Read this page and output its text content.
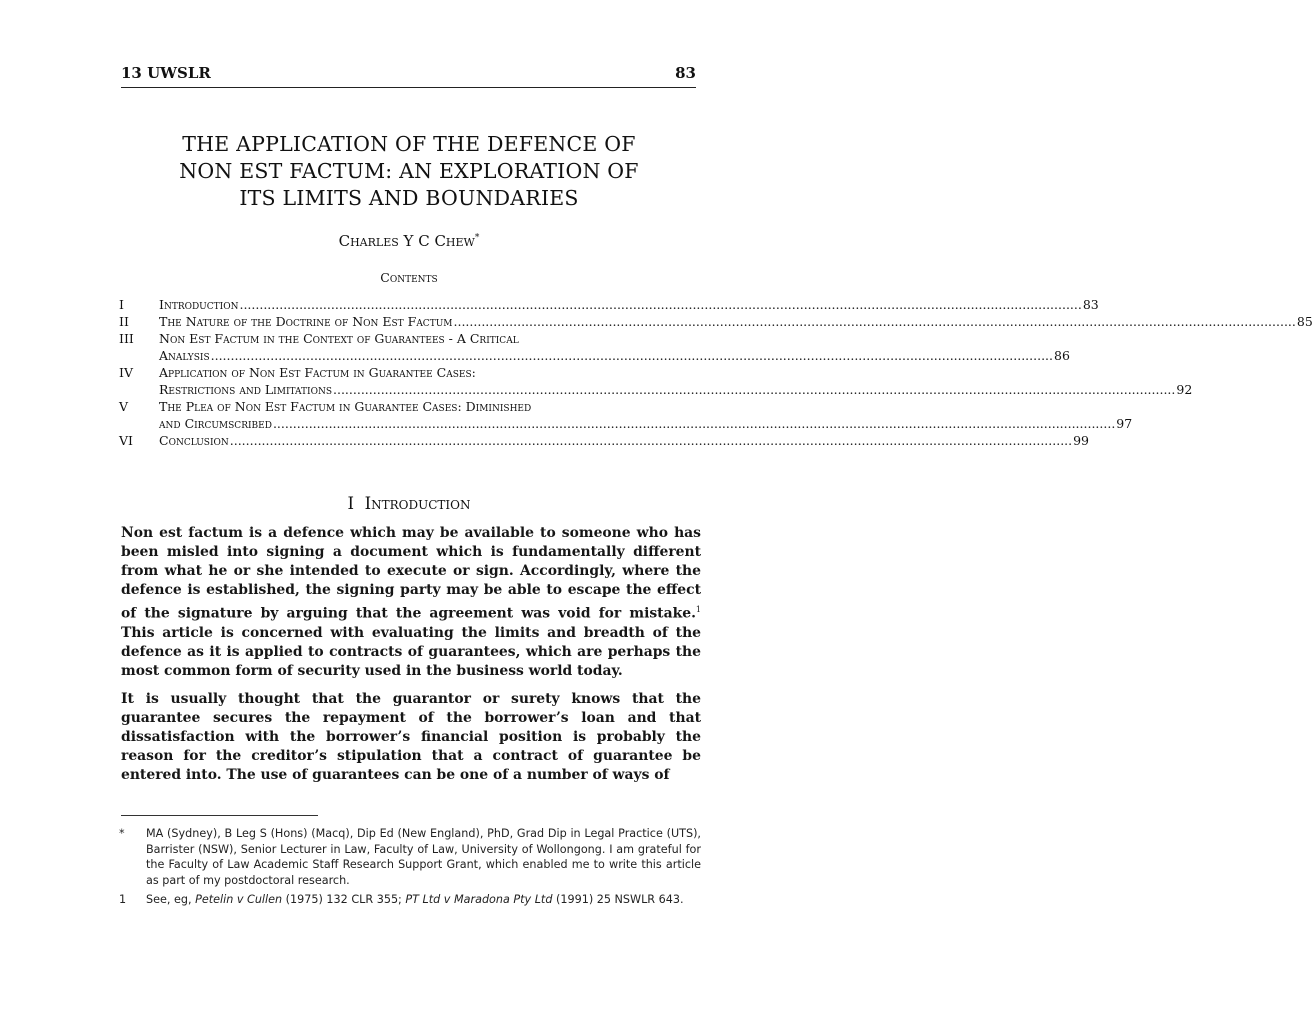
13 UWSLR	83
THE APPLICATION OF THE DEFENCE OF
NON EST FACTUM: AN EXPLORATION OF
ITS LIMITS AND BOUNDARIES
Charles Y C Chew*
Contents
I	Introduction .....	83
II	The Nature of the Doctrine of Non Est Factum .....	85
III	Non Est Factum in the Context of Guarantees - A Critical
Analysis .....	86
IV	Application of Non Est Factum in Guarantee Cases:
Restrictions and Limitations .....	92
V	The Plea of Non Est Factum in Guarantee Cases: Diminished
and Circumscribed .....	97
VI	Conclusion .....	99
I Introduction

Non est factum is a defence which may be available to someone who has been misled into signing a document which is fundamentally different from what he or she intended to execute or sign. Accordingly, where the defence is established, the signing party may be able to escape the effect of the signature by arguing that the agreement was void for mistake.$^1$ This article is concerned with evaluating the limits and breadth of the defence as it is applied to contracts of guarantees, which are perhaps the most common form of security used in the business world today.

It is usually thought that the guarantor or surety knows that the guarantee secures the repayment of the borrower’s loan and that dissatisfaction with the borrower’s financial position is probably the reason for the creditor’s stipulation that a contract of guarantee be entered into. The use of guarantees can be one of a number of ways of

*	MA (Sydney), B Leg S (Hons) (Macq), Dip Ed (New England), PhD, Grad Dip in Legal Practice (UTS), Barrister (NSW), Senior Lecturer in Law, Faculty of Law, University of Wollongong. I am grateful for the Faculty of Law Academic Staff Research Support Grant, which enabled me to write this article as part of my postdoctoral research.
1	See, eg, Petelin v Cullen (1975) 132 CLR 355; PT Ltd v Maradona Pty Ltd (1991) 25 NSWLR 643.
